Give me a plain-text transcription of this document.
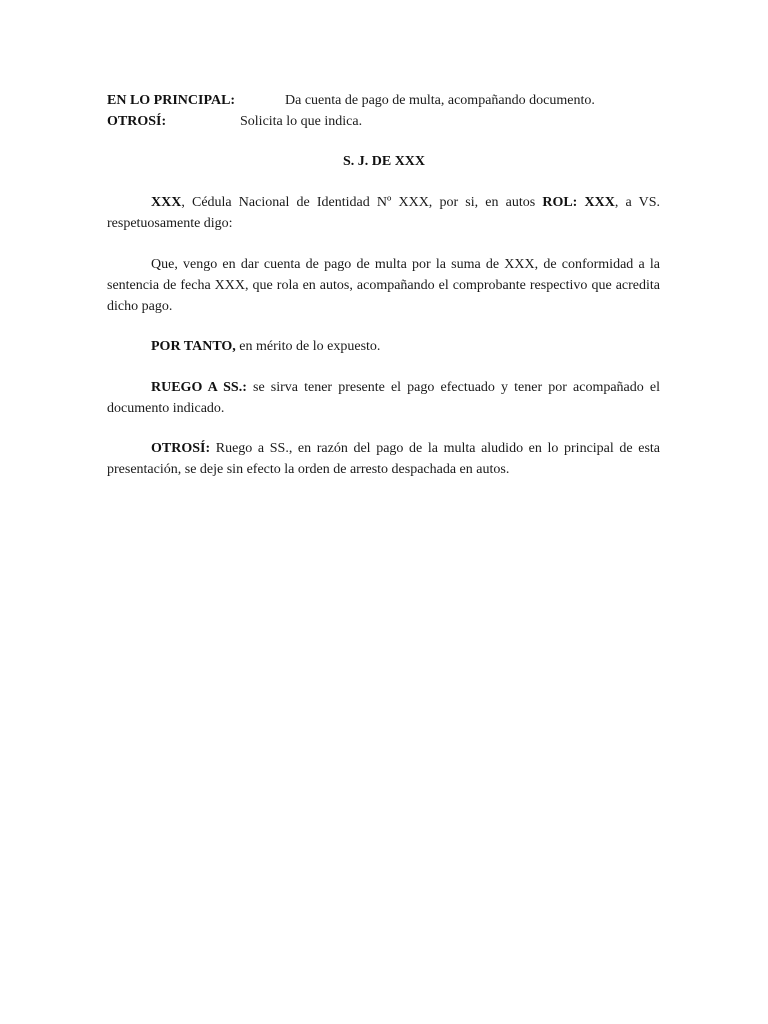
EN LO PRINCIPAL:	Da cuenta de pago de multa, acompañando documento.
OTROSÍ:	Solicita lo que indica.
S. J. DE XXX

XXX, Cédula Nacional de Identidad Nº XXX, por si, en autos ROL: XXX, a VS. respetuosamente digo:

Que, vengo en dar cuenta de pago de multa por la suma de XXX, de conformidad a la sentencia de fecha XXX, que rola en autos, acompañando el comprobante respectivo que acredita dicho pago.

POR TANTO, en mérito de lo expuesto.

RUEGO A SS.: se sirva tener presente el pago efectuado y tener por acompañado el documento indicado.

OTROSÍ: Ruego a SS., en razón del pago de la multa aludido en lo principal de esta presentación, se deje sin efecto la orden de arresto despachada en autos.
